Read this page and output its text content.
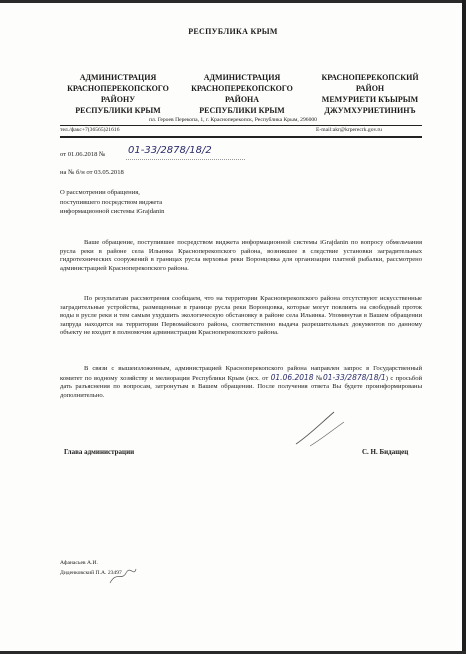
РЕСПУБЛИКА КРЫМ
АДМИНИСТРАЦИЯ
КРАСНОПЕРЕКОПСКОГО
РАЙОНУ
РЕСПУБЛИКИ КРЫМ
АДМИНИСТРАЦИЯ
КРАСНОПЕРЕКОПСКОГО
РАЙОНА
РЕСПУБЛИКИ КРЫМ
КРАСНОПЕРЕКОПСКИЙ
РАЙОН
МЕМУРИЕТИ КЪЫРЫМ
ДЖУМХУРИЕТИНИНЪ
пл. Героев Перекопа, 1, г. Красноперекопск, Республика Крым, 296000
тел./факс+7(36565)21616	E-mail:akr@krperecrk.gov.ru
от 01.06.2018 № 01-33/2878/18/2
на № б/н от 03.05.2018
О рассмотрении обращения,
поступившего посредством виджета
информационной системы iGrajdanin

Ваше обращение, поступившее посредством виджета информационной системы iGrajdanin по вопросу обмельчания русла реки в районе села Ильинка Красноперекопского района, возникшее в следствие установки заградительных гидротехнических сооружений в границах русла верховья реки Воронцовка для организации платной рыбалки, рассмотрено администрацией Красноперекопского района.

По результатам рассмотрения сообщаем, что на территории Красноперекопского района отсутствуют искусственные заградительные устройства, размещенные в границе русла реки Воронцовка, которые могут повлиять на свободный проток воды в русле реки и тем самым ухудшить экологическую обстановку в районе села Ильинка. Упомянутая в Вашем обращении запруда находится на территории Первомайского района, соответственно выдача разрешительных документов по данному объекту не входит в полномочия администрации Красноперекопского района.

В связи с вышеизложенным, администрацией Красноперекопского района направлен запрос в Государственный комитет по водному хозяйству и мелиорации Республики Крым (исх. от 01.06.2018 №01-33/2878/18/1) с просьбой дать разъяснения по вопросам, затронутым в Вашем обращении. После получения ответа Вы будете проинформированы дополнительно.

Глава администрации	С. Н. Бидащец
Афанасьев А.И.
Диденковский П.А. 23497
